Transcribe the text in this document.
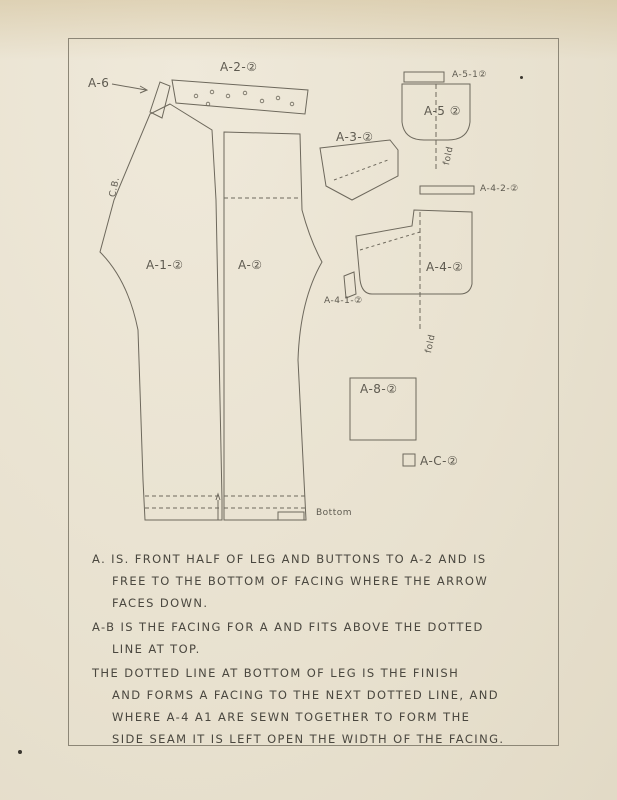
A-6
A-2-②
A-5-1②
A-5 ②
A-3-②
A-4-2-②
A-4-②
A-4-1-②
A-1-②	A-②
A-8-②
A-C-②
C.B.
fold
fold
Bottom
A. IS. FRONT HALF OF LEG AND BUTTONS TO A-2 AND IS
FREE TO THE BOTTOM OF FACING WHERE THE ARROW
FACES DOWN.
A-B IS THE FACING FOR A AND FITS ABOVE THE DOTTED
LINE AT TOP.
THE DOTTED LINE AT BOTTOM OF LEG IS THE FINISH
AND FORMS A FACING TO THE NEXT DOTTED LINE, AND
WHERE A-4 A1 ARE SEWN TOGETHER TO FORM THE
SIDE SEAM IT IS LEFT OPEN THE WIDTH OF THE FACING.
